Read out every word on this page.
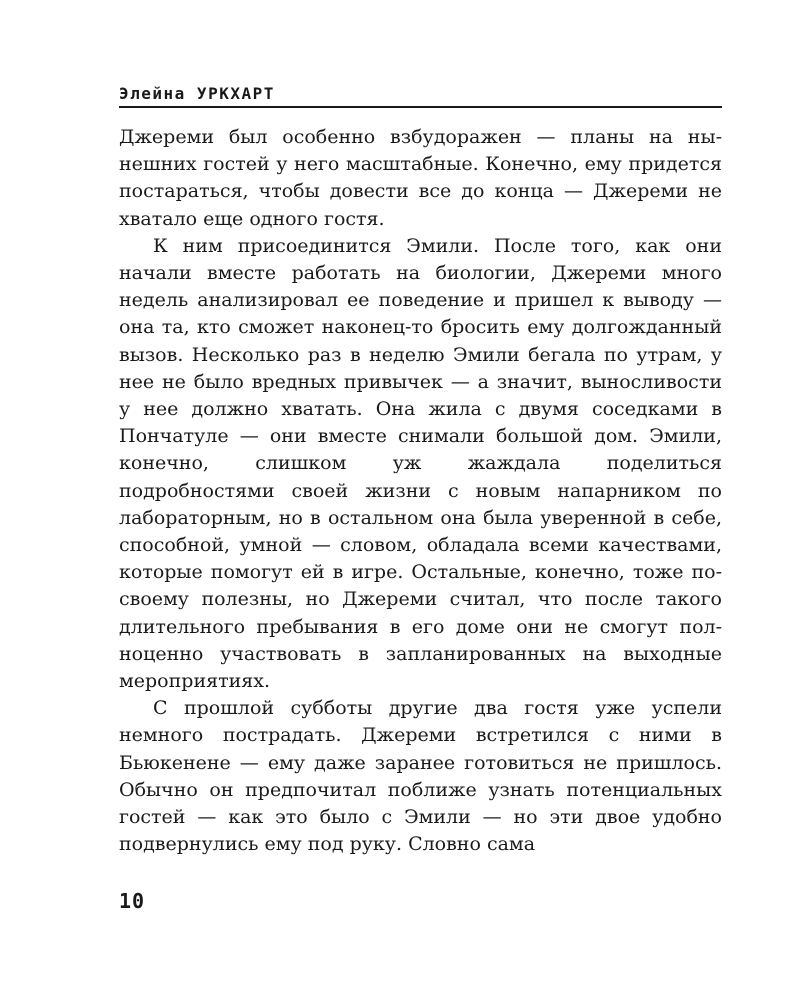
Элейна УРКХАРТ

Джереми был особенно взбудоражен — планы на нынешних гостей у него масштабные. Конечно, ему придется постараться, чтобы довести все до конца — Джереми не хватало еще одного гостя.

К ним присоединится Эмили. После того, как они начали вместе работать на биологии, Джереми много недель анализировал ее поведение и пришел к выводу — она та, кто сможет наконец-то бросить ему долгожданный вызов. Несколько раз в неделю Эмили бегала по утрам, у нее не было вредных привычек — а значит, выносливости у нее должно хватать. Она жила с двумя соседками в Пончатуле — они вместе снимали большой дом. Эмили, конечно, слишком уж жаждала поделиться подробностями своей жизни с новым напарником по лабораторным, но в остальном она была уверенной в себе, способной, умной — словом, обладала всеми качествами, которые помогут ей в игре. Остальные, конечно, тоже посвоему полезны, но Джереми считал, что после такого длительного пребывания в его доме они не смогут полноценно участвовать в запланированных на выходные мероприятиях.

С прошлой субботы другие два гостя уже успели немного пострадать. Джереми встретился с ними в Бьюкенене — ему даже заранее готовиться не пришлось. Обычно он предпочитал поближе узнать потенциальных гостей — как это было с Эмили — но эти двое удобно подвернулись ему под руку. Словно сама

10
